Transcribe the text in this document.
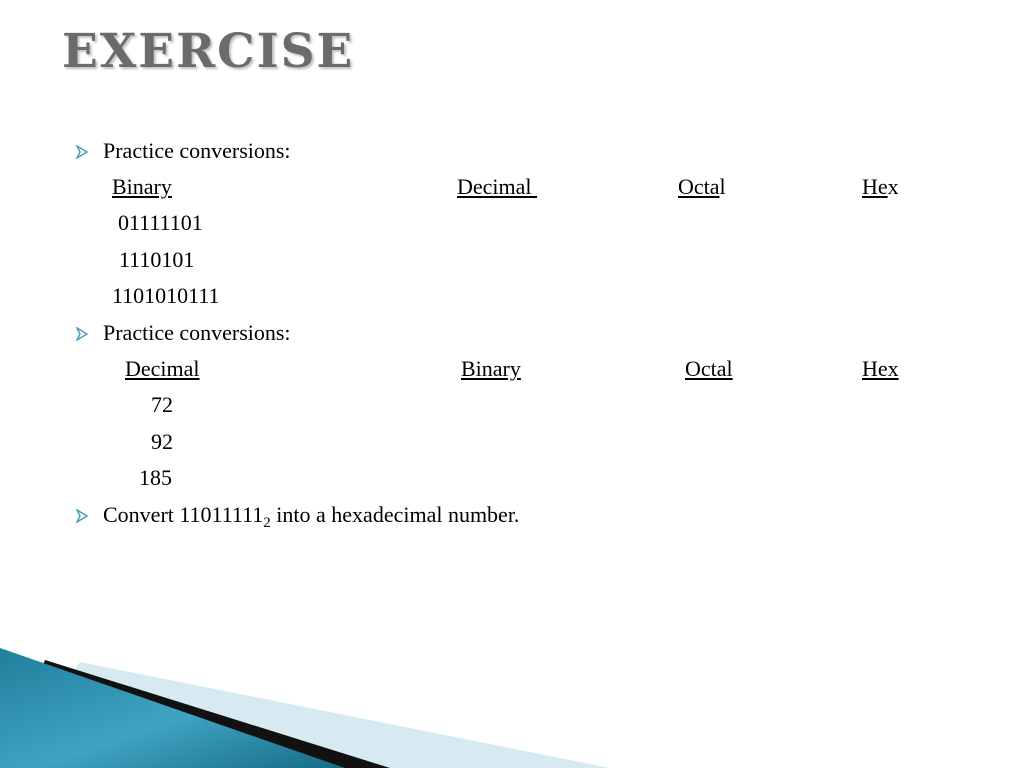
EXERCISE
Practice conversions:
Binary	Decimal	Octal	Hex
01111101
1110101
1101010111
Practice conversions:
Decimal	Binary	Octal	Hex
72
92
185
Convert $11011111_2$ into a hexadecimal number.
